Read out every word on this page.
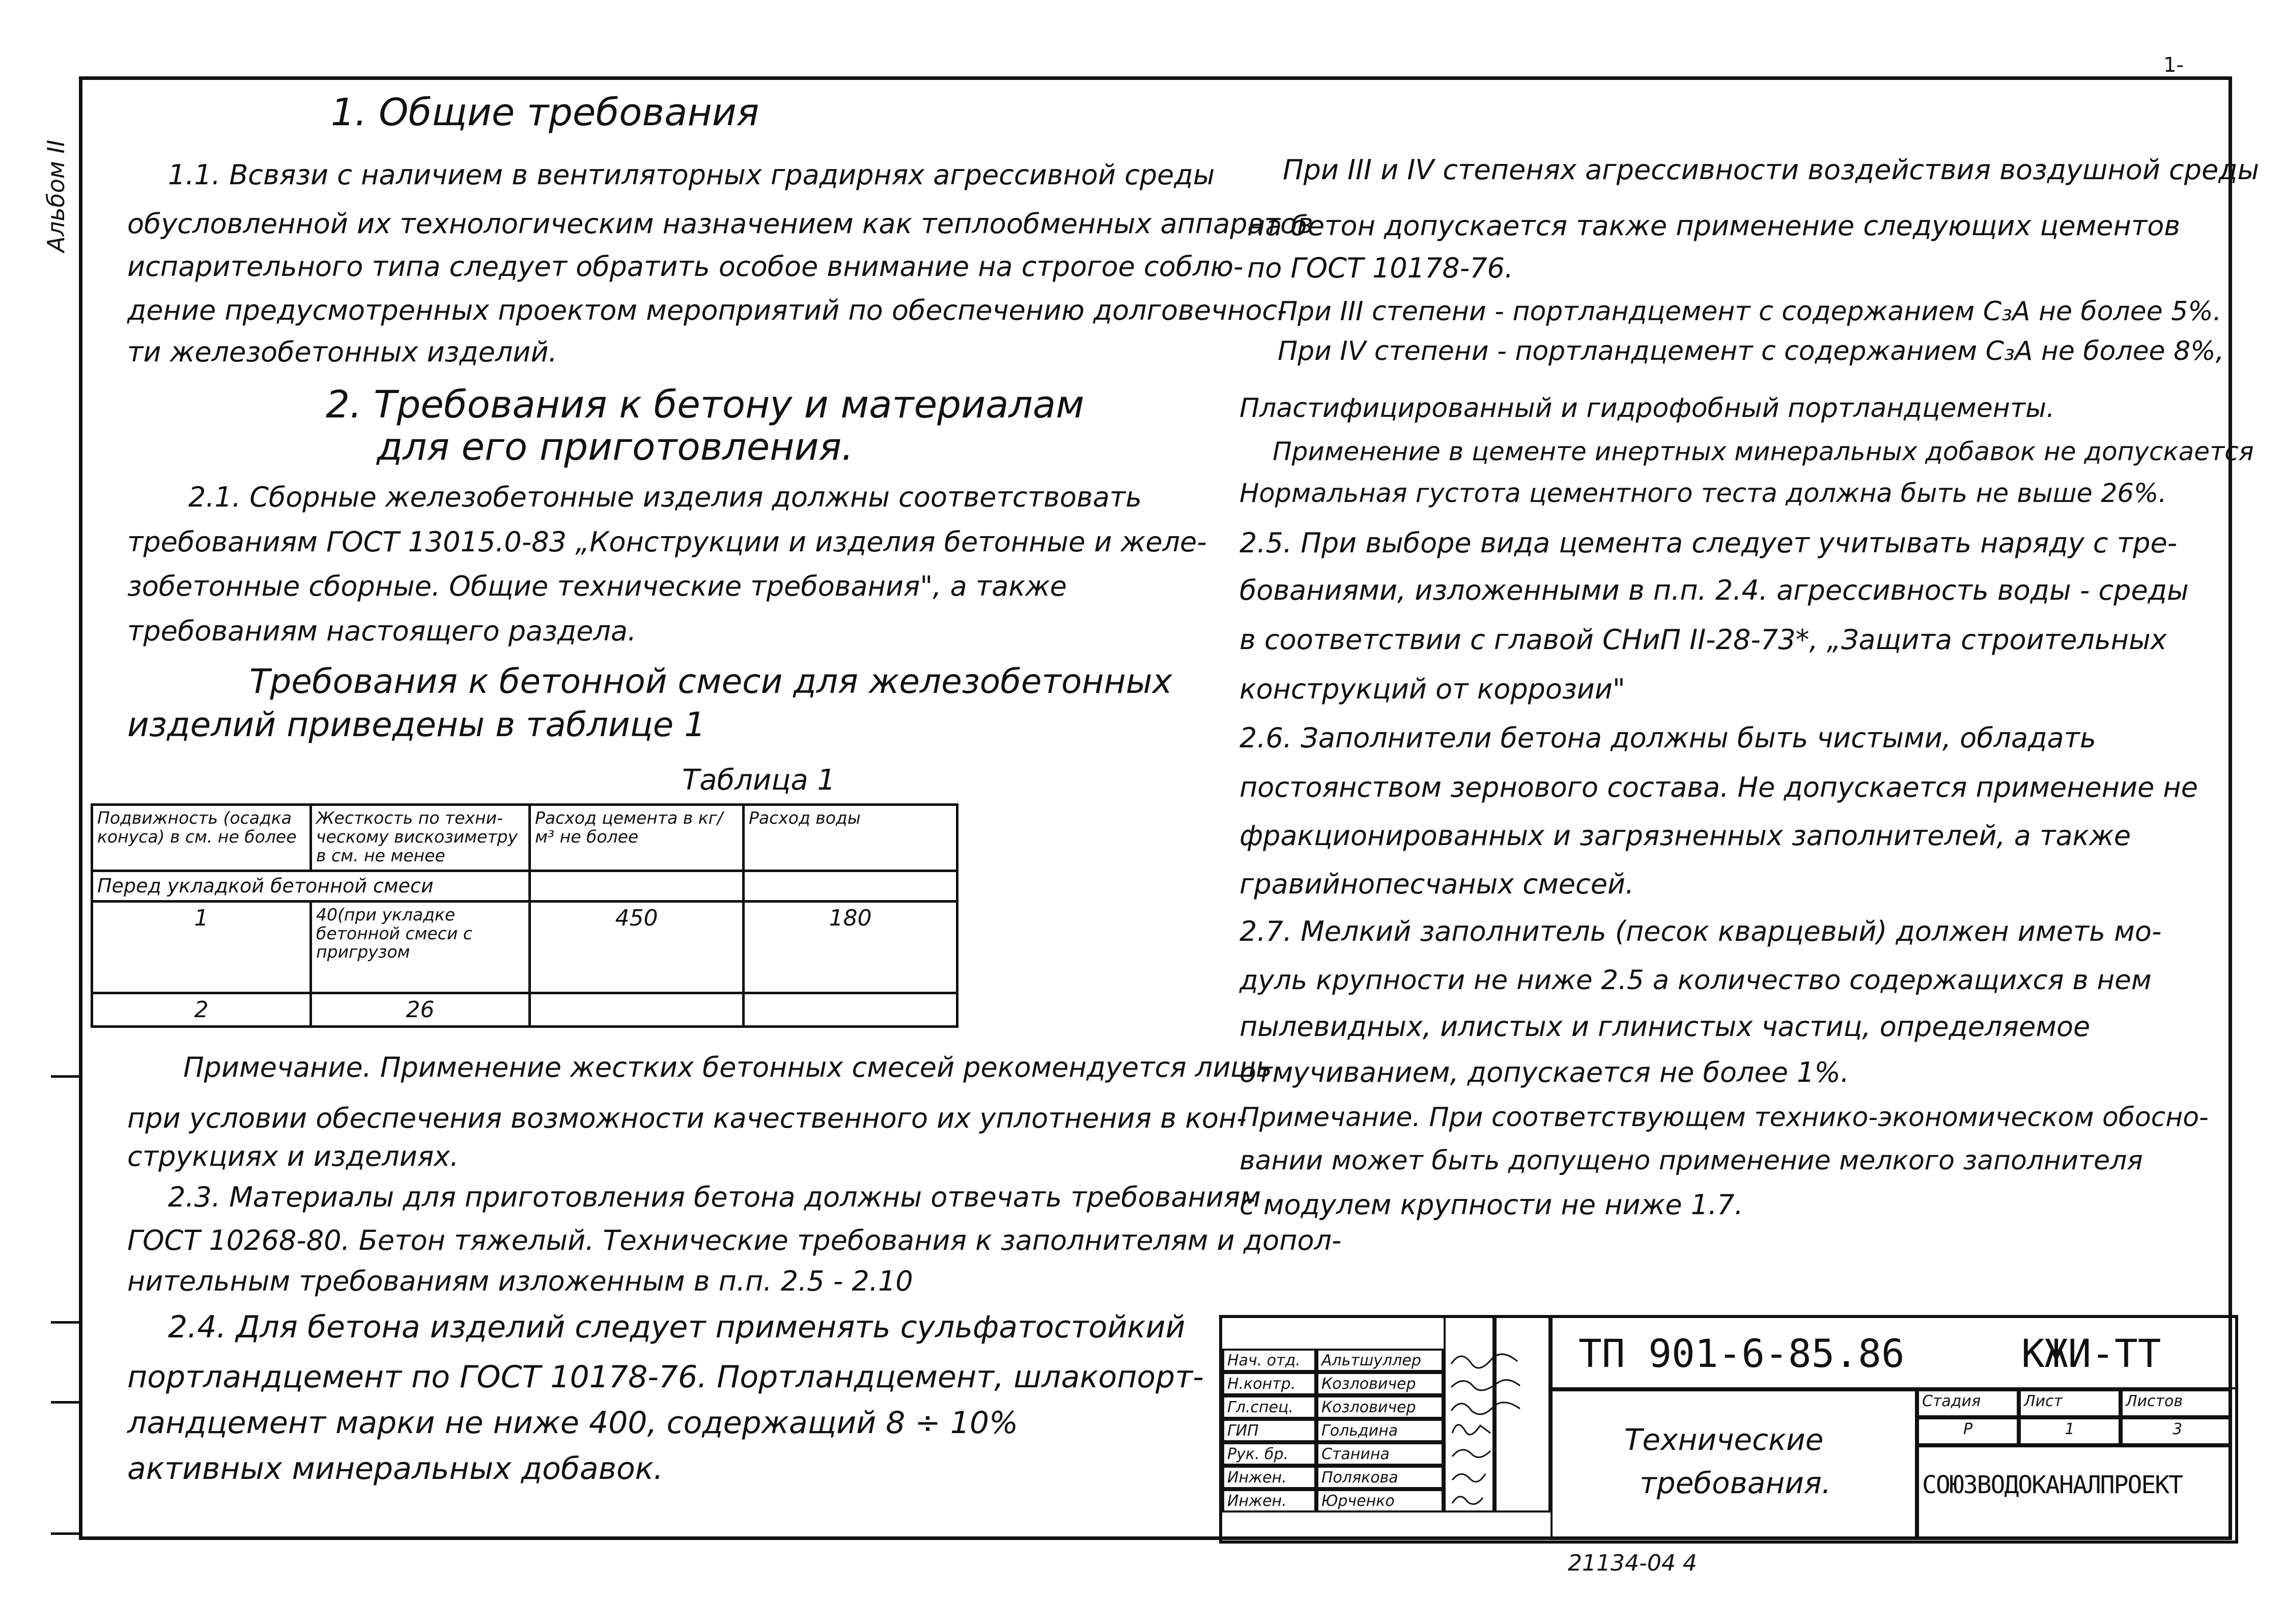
Альбом II
1-
1. Общие требования
1.1. Всвязи с наличием в вентиляторных градирнях агрессивной среды
обусловленной их технологическим назначением как теплообменных аппаратов
испарительного типа следует обратить особое внимание на строгое соблю-
дение предусмотренных проектом мероприятий по обеспечению долговечнос-
ти железобетонных изделий.
2. Требования к бетону и материалам
для его приготовления.
2.1. Сборные железобетонные изделия должны соответствовать
требованиям ГОСТ 13015.0-83 „Конструкции и изделия бетонные и желе-
зобетонные сборные. Общие технические требования", а также
требованиям настоящего раздела.
Требования к бетонной смеси для железобетонных
изделий приведены в таблице 1
Таблица 1
Подвижность (осадка конуса) в см. не более	Жесткость по техни- ческому вискозиметру в см. не менее	Расход цемента в кг/м³ не более	Расход воды
Перед укладкой бетонной смеси			
1	40(при укладке бетонной смеси с пригрузом	450	180
2	26		
Примечание. Применение жестких бетонных смесей рекомендуется лишь
при условии обеспечения возможности качественного их уплотнения в кон-
струкциях и изделиях.
2.3. Материалы для приготовления бетона должны отвечать требованиям
ГОСТ 10268-80. Бетон тяжелый. Технические требования к заполнителям и допол-
нительным требованиям изложенным в п.п. 2.5 - 2.10
2.4. Для бетона изделий следует применять сульфатостойкий
портландцемент по ГОСТ 10178-76. Портландцемент, шлакопорт-
ландцемент марки не ниже 400, содержащий 8 ÷ 10%
активных минеральных добавок.
При III и IV степенях агрессивности воздействия воздушной среды
на бетон допускается также применение следующих цементов
по ГОСТ 10178-76.
При III степени - портландцемент с содержанием C₃A не более 5%.
При IV степени - портландцемент с содержанием C₃A не более 8%,
Пластифицированный и гидрофобный портландцементы.
Применение в цементе инертных минеральных добавок не допускается
Нормальная густота цементного теста должна быть не выше 26%.
2.5. При выборе вида цемента следует учитывать наряду с тре-
бованиями, изложенными в п.п. 2.4. агрессивность воды - среды
в соответствии с главой СНиП II-28-73*, „Защита строительных
конструкций от коррозии"
2.6. Заполнители бетона должны быть чистыми, обладать
постоянством зернового состава. Не допускается применение не
фракционированных и загрязненных заполнителей, а также
гравийнопесчаных смесей.
2.7. Мелкий заполнитель (песок кварцевый) должен иметь мо-
дуль крупности не ниже 2.5 а количество содержащихся в нем
пылевидных, илистых и глинистых частиц, определяемое
отмучиванием, допускается не более 1%.
Примечание. При соответствующем технико-экономическом обосно-
вании может быть допущено применение мелкого заполнителя
с модулем крупности не ниже 1.7.
Нач. отд.	Альтшуллер
Н.контр.	Козловичер
Гл.спец.	Козловичер
ГИП	Гольдина
Рук. бр.	Станина
Инжен.	Полякова
Инжен.	Юрченко
ТП 901-6-85.86	КЖИ-ТТ
Технические
требования.
Стадия	Лист	Листов
Р	1	3
СОЮЗВОДОКАНАЛПРОЕКТ
21134-04 4
